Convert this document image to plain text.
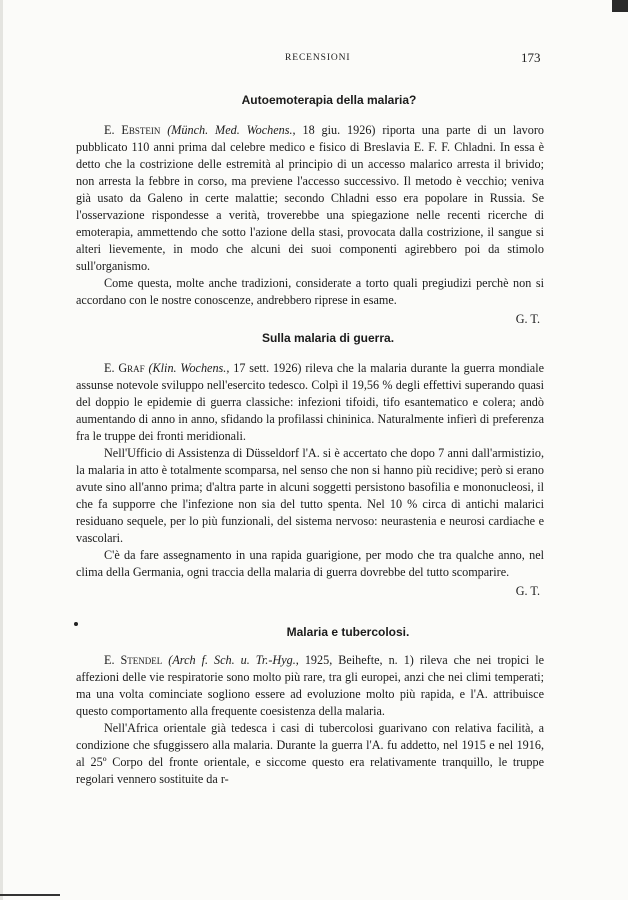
RECENSIONI	173
Autoemoterapia della malaria?

E. Ebstein (Münch. Med. Wochens., 18 giu. 1926) riporta una parte di un lavoro pubblicato 110 anni prima dal celebre medico e fisico di Breslavia E. F. F. Chladni. In essa è detto che la costrizione delle estremità al principio di un accesso malarico arresta il brivido; non arresta la febbre in corso, ma previene l'accesso successivo. Il metodo è vecchio; veniva già usato da Galeno in certe malattie; secondo Chladni esso era popolare in Russia. Se l'osservazione rispondesse a verità, troverebbe una spiegazione nelle recenti ricerche di emoterapia, ammettendo che sotto l'azione della stasi, provocata dalla costrizione, il sangue si alteri lievemente, in modo che alcuni dei suoi componenti agirebbero poi da stimolo sull'organismo.

Come questa, molte anche tradizioni, considerate a torto quali pregiudizi perchè non si accordano con le nostre conoscenze, andrebbero riprese in esame.

G. T.
Sulla malaria di guerra.

E. Graf (Klin. Wochens., 17 sett. 1926) rileva che la malaria durante la guerra mondiale assunse notevole sviluppo nell'esercito tedesco. Colpì il 19,56 % degli effettivi superando quasi del doppio le epidemie di guerra classiche: infezioni tifoidi, tifo esantematico e colera; andò aumentando di anno in anno, sfidando la profilassi chininica. Naturalmente infierì di preferenza fra le truppe dei fronti meridionali.

Nell'Ufficio di Assistenza di Düsseldorf l'A. si è accertato che dopo 7 anni dall'armistizio, la malaria in atto è totalmente scomparsa, nel senso che non si hanno più recidive; però si erano avute sino all'anno prima; d'altra parte in alcuni soggetti persistono basofilia e mononucleosi, il che fa supporre che l'infezione non sia del tutto spenta. Nel 10 % circa di antichi malarici residuano sequele, per lo più funzionali, del sistema nervoso: neurastenia e neurosi cardiache e vascolari.

C'è da fare assegnamento in una rapida guarigione, per modo che tra qualche anno, nel clima della Germania, ogni traccia della malaria di guerra dovrebbe del tutto scomparire.

G. T.
Malaria e tubercolosi.

E. Stendel (Arch f. Sch. u. Tr.-Hyg., 1925, Beihefte, n. 1) rileva che nei tropici le affezioni delle vie respiratorie sono molto più rare, tra gli europei, anzi che nei climi temperati; ma una volta cominciate sogliono essere ad evoluzione molto più rapida, e l'A. attribuisce questo comportamento alla frequente coesistenza della malaria.

Nell'Africa orientale già tedesca i casi di tubercolosi guarivano con relativa facilità, a condizione che sfuggissero alla malaria. Durante la guerra l'A. fu addetto, nel 1915 e nel 1916, al 25º Corpo del fronte orientale, e siccome questo era relativamente tranquillo, le truppe regolari vennero sostituite da r-
